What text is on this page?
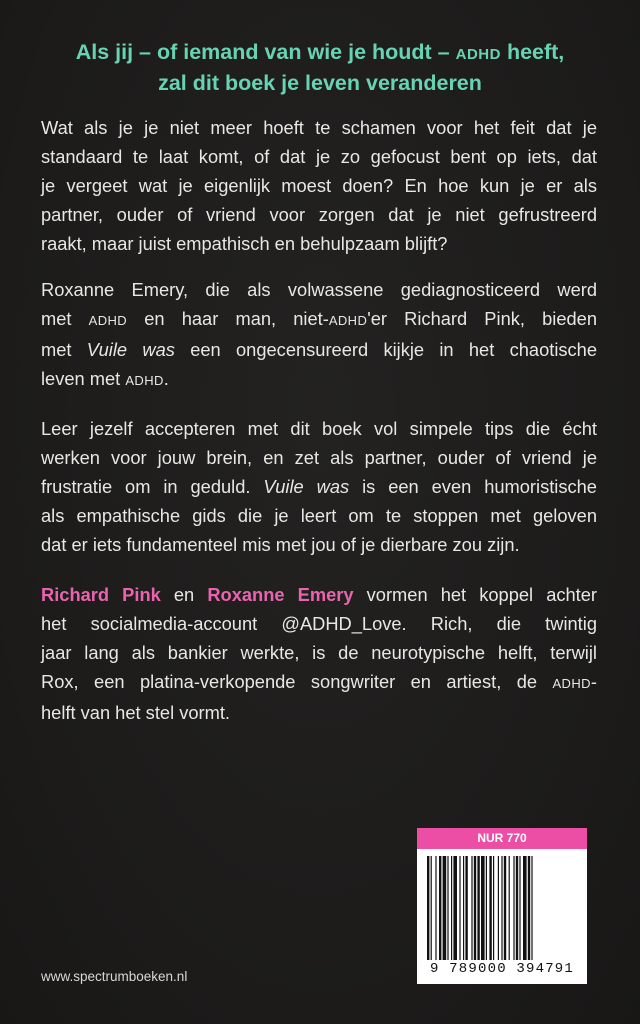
Als jij – of iemand van wie je houdt – ADHD heeft,
zal dit boek je leven veranderen

Wat als je je niet meer hoeft te schamen voor het feit dat je
standaard te laat komt, of dat je zo gefocust bent op iets, dat
je vergeet wat je eigenlijk moest doen? En hoe kun je er als
partner, ouder of vriend voor zorgen dat je niet gefrustreerd
raakt, maar juist empathisch en behulpzaam blijft?

Roxanne Emery, die als volwassene gediagnosticeerd werd
met ADHD en haar man, niet-ADHD'er Richard Pink, bieden
met Vuile was een ongecensureerd kijkje in het chaotische
leven met ADHD.

Leer jezelf accepteren met dit boek vol simpele tips die écht
werken voor jouw brein, en zet als partner, ouder of vriend je
frustratie om in geduld. Vuile was is een even humoristische
als empathische gids die je leert om te stoppen met geloven
dat er iets fundamenteel mis met jou of je dierbare zou zijn.

Richard Pink en Roxanne Emery vormen het koppel achter
het socialmedia-account @ADHD_Love. Rich, die twintig
jaar lang als bankier werkte, is de neurotypische helft, terwijl
Rox, een platina-verkopende songwriter en artiest, de ADHD-
helft van het stel vormt.

NUR 770
9 789000 394791

www.spectrumboeken.nl
